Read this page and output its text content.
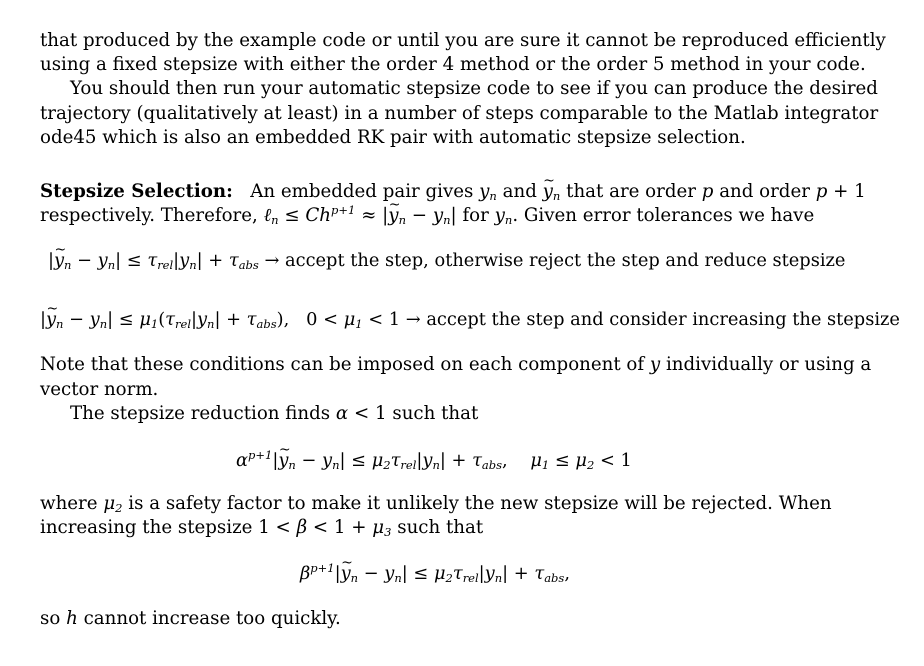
that produced by the example code or until you are sure it cannot be reproduced efficiently
using a fixed stepsize with either the order 4 method or the order 5 method in your code.
You should then run your automatic stepsize code to see if you can produce the desired
trajectory (qualitatively at least) in a number of steps comparable to the Matlab integrator
ode45 which is also an embedded RK pair with automatic stepsize selection.
Stepsize Selection: An embedded pair gives $y_n$ and ~ $y_n$ that are order p and order p + 1
respectively. Therefore, ℓ$_n$ ≤ $Ch^{p+1}$ ≈ |~ $y_n - y_n|$ for $y_n$. Given error tolerances we have
|~ $y_n - y_n| \le \tau_{rel}|y_n| + \tau_{abs}$ → accept the step, otherwise reject the step and reduce stepsize
|~ $y_n - y_n| \le \mu_1(\tau_{rel}|y_n| + \tau_{abs})$,   $0 < \mu_1 < 1$ → accept the step and consider increasing the stepsize
Note that these conditions can be imposed on each component of y individually or using a
vector norm.
The stepsize reduction finds α < 1 such that
$\alpha^{p+1}|\sim$ $y_n - y_n| \le \mu_2\tau_{rel}|y_n| + \tau_{abs}$,    $\mu_1 \le \mu_2 < 1$
where $\mu_2$ is a safety factor to make it unlikely the new stepsize will be rejected. When
increasing the stepsize $1 < \beta < 1 + \mu_3$ such that
$\beta^{p+1}|\sim$ $y_n - y_n| \le \mu_2\tau_{rel}|y_n| + \tau_{abs}$,
so h cannot increase too quickly.
